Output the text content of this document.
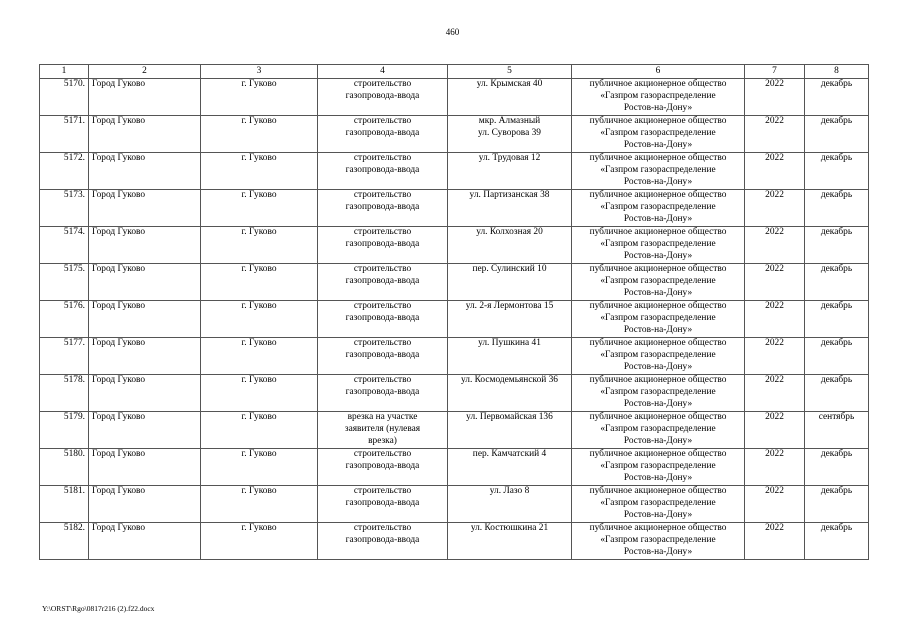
460
1	2	3	4	5	6	7	8
5170.	Город Гуково	г. Гуково	строительство
газопровода-ввода	ул. Крымская 40	публичное акционерное общество
«Газпром газораспределение
Ростов-на-Дону»	2022	декабрь
5171.	Город Гуково	г. Гуково	строительство
газопровода-ввода	мкр. Алмазный
ул. Суворова 39	публичное акционерное общество
«Газпром газораспределение
Ростов-на-Дону»	2022	декабрь
5172.	Город Гуково	г. Гуково	строительство
газопровода-ввода	ул. Трудовая 12	публичное акционерное общество
«Газпром газораспределение
Ростов-на-Дону»	2022	декабрь
5173.	Город Гуково	г. Гуково	строительство
газопровода-ввода	ул. Партизанская 38	публичное акционерное общество
«Газпром газораспределение
Ростов-на-Дону»	2022	декабрь
5174.	Город Гуково	г. Гуково	строительство
газопровода-ввода	ул. Колхозная 20	публичное акционерное общество
«Газпром газораспределение
Ростов-на-Дону»	2022	декабрь
5175.	Город Гуково	г. Гуково	строительство
газопровода-ввода	пер. Сулинский 10	публичное акционерное общество
«Газпром газораспределение
Ростов-на-Дону»	2022	декабрь
5176.	Город Гуково	г. Гуково	строительство
газопровода-ввода	ул. 2-я Лермонтова 15	публичное акционерное общество
«Газпром газораспределение
Ростов-на-Дону»	2022	декабрь
5177.	Город Гуково	г. Гуково	строительство
газопровода-ввода	ул. Пушкина 41	публичное акционерное общество
«Газпром газораспределение
Ростов-на-Дону»	2022	декабрь
5178.	Город Гуково	г. Гуково	строительство
газопровода-ввода	ул. Космодемьянской 36	публичное акционерное общество
«Газпром газораспределение
Ростов-на-Дону»	2022	декабрь
5179.	Город Гуково	г. Гуково	врезка на участке
заявителя (нулевая
врезка)	ул. Первомайская 136	публичное акционерное общество
«Газпром газораспределение
Ростов-на-Дону»	2022	сентябрь
5180.	Город Гуково	г. Гуково	строительство
газопровода-ввода	пер. Камчатский 4	публичное акционерное общество
«Газпром газораспределение
Ростов-на-Дону»	2022	декабрь
5181.	Город Гуково	г. Гуково	строительство
газопровода-ввода	ул. Лазо 8	публичное акционерное общество
«Газпром газораспределение
Ростов-на-Дону»	2022	декабрь
5182.	Город Гуково	г. Гуково	строительство
газопровода-ввода	ул. Костюшкина 21	публичное акционерное общество
«Газпром газораспределение
Ростов-на-Дону»	2022	декабрь
Y:\ORST\Rgo\0817r216 (2).f22.docx
